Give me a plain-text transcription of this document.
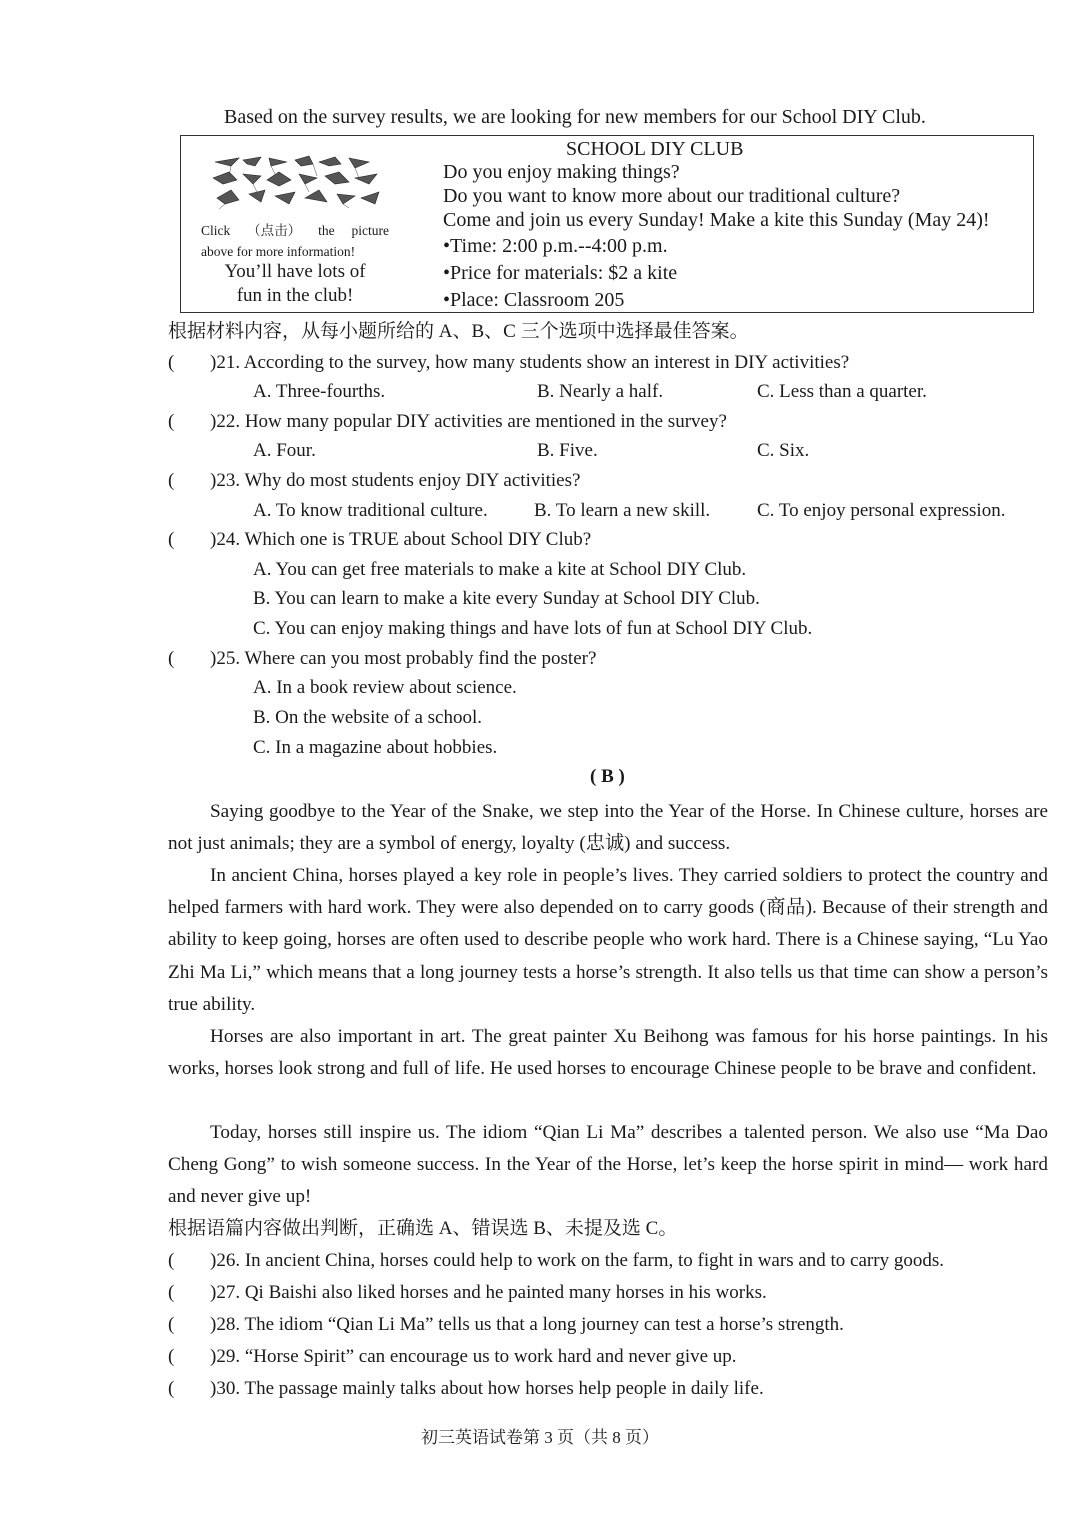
Based on the survey results, we are looking for new members for our School DIY Club.
Click （点击） the picture
above for more information!
You’ll have lots of
fun in the club!
SCHOOL DIY CLUB
Do you enjoy making things?
Do you want to know more about our traditional culture?
Come and join us every Sunday! Make a kite this Sunday (May 24)!
•Time: 2:00 p.m.--4:00 p.m.
•Price for materials: $2 a kite
•Place: Classroom 205
根据材料内容，从每小题所给的 A、B、C 三个选项中选择最佳答案。
( )21. According to the survey, how many students show an interest in DIY activities?
A. Three-fourths.	B. Nearly a half.	C. Less than a quarter.
( )22. How many popular DIY activities are mentioned in the survey?
A. Four.	B. Five.	C. Six.
( )23. Why do most students enjoy DIY activities?
A. To know traditional culture. B. To learn a new skill. C. To enjoy personal expression.
( )24. Which one is TRUE about School DIY Club?
A. You can get free materials to make a kite at School DIY Club.
B. You can learn to make a kite every Sunday at School DIY Club.
C. You can enjoy making things and have lots of fun at School DIY Club.
( )25. Where can you most probably find the poster?
A. In a book review about science.
B. On the website of a school.
C. In a magazine about hobbies.
( B )
Saying goodbye to the Year of the Snake, we step into the Year of the Horse. In Chinese culture, horses are not just animals; they are a symbol of energy, loyalty (忠诚) and success.
In ancient China, horses played a key role in people’s lives. They carried soldiers to protect the country and helped farmers with hard work. They were also depended on to carry goods (商品). Because of their strength and ability to keep going, horses are often used to describe people who work hard. There is a Chinese saying, “Lu Yao Zhi Ma Li,” which means that a long journey tests a horse’s strength. It also tells us that time can show a person’s true ability.
Horses are also important in art. The great painter Xu Beihong was famous for his horse paintings. In his works, horses look strong and full of life. He used horses to encourage Chinese people to be brave and confident.
Today, horses still inspire us. The idiom “Qian Li Ma” describes a talented person. We also use “Ma Dao Cheng Gong” to wish someone success. In the Year of the Horse, let’s keep the horse spirit in mind— work hard and never give up!
根据语篇内容做出判断，正确选 A、错误选 B、未提及选 C。
( )26. In ancient China, horses could help to work on the farm, to fight in wars and to carry goods.
( )27. Qi Baishi also liked horses and he painted many horses in his works.
( )28. The idiom “Qian Li Ma” tells us that a long journey can test a horse’s strength.
( )29. “Horse Spirit” can encourage us to work hard and never give up.
( )30. The passage mainly talks about how horses help people in daily life.
初三英语试卷第 3 页（共 8 页）
